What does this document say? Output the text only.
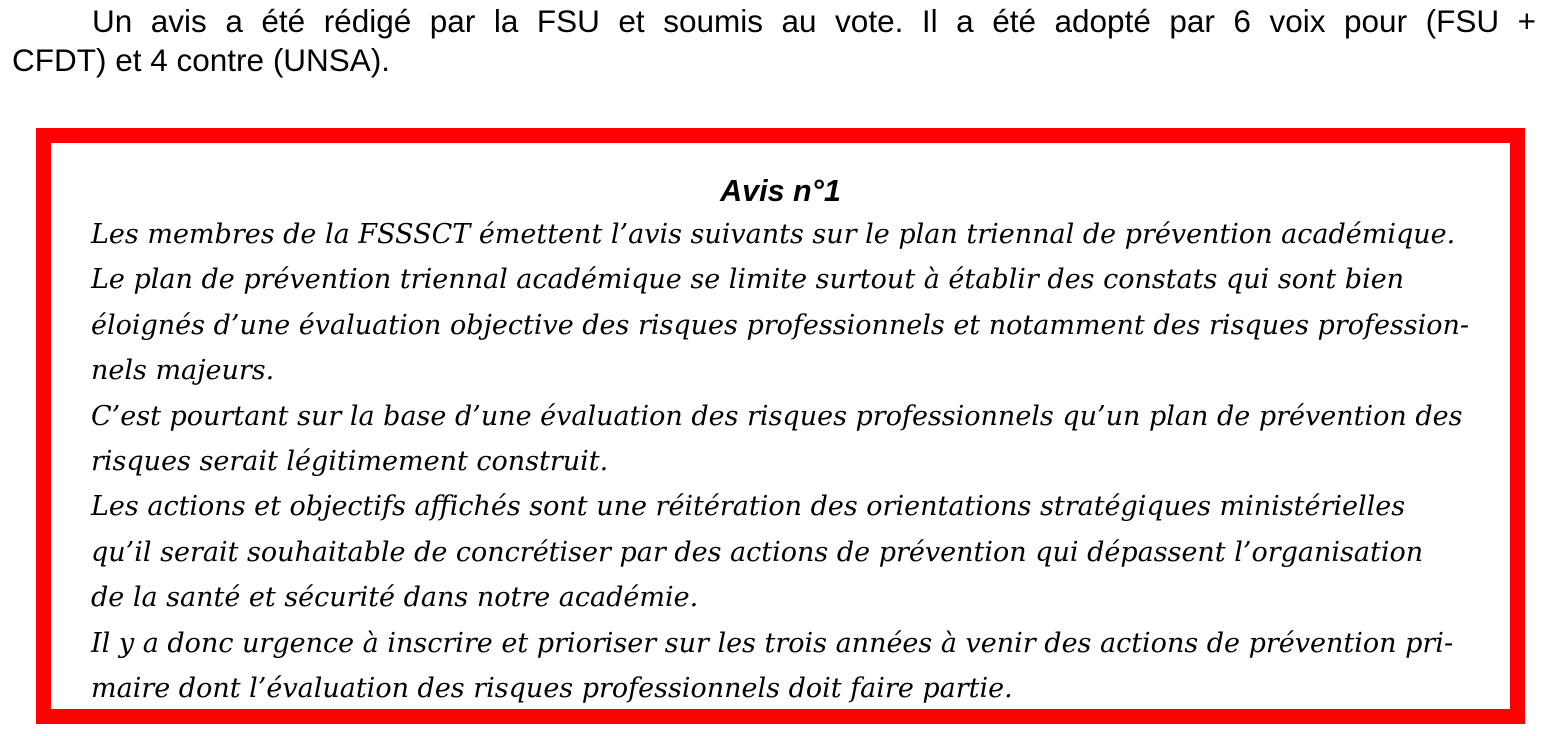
Un avis a été rédigé par la FSU et soumis au vote. Il a été adopté par 6 voix pour (FSU +
CFDT) et 4 contre (UNSA).
Avis n°1
Les membres de la FSSSCT émettent l’avis suivants sur le plan triennal de prévention académique.
Le plan de prévention triennal académique se limite surtout à établir des constats qui sont bien
éloignés d’une évaluation objective des risques professionnels et notamment des risques profession-
nels majeurs.
C’est pourtant sur la base d’une évaluation des risques professionnels qu’un plan de prévention des
risques serait légitimement construit.
Les actions et objectifs affichés sont une réitération des orientations stratégiques ministérielles
qu’il serait souhaitable de concrétiser par des actions de prévention qui dépassent l’organisation
de la santé et sécurité dans notre académie.
Il y a donc urgence à inscrire et prioriser sur les trois années à venir des actions de prévention pri-
maire dont l’évaluation des risques professionnels doit faire partie.
